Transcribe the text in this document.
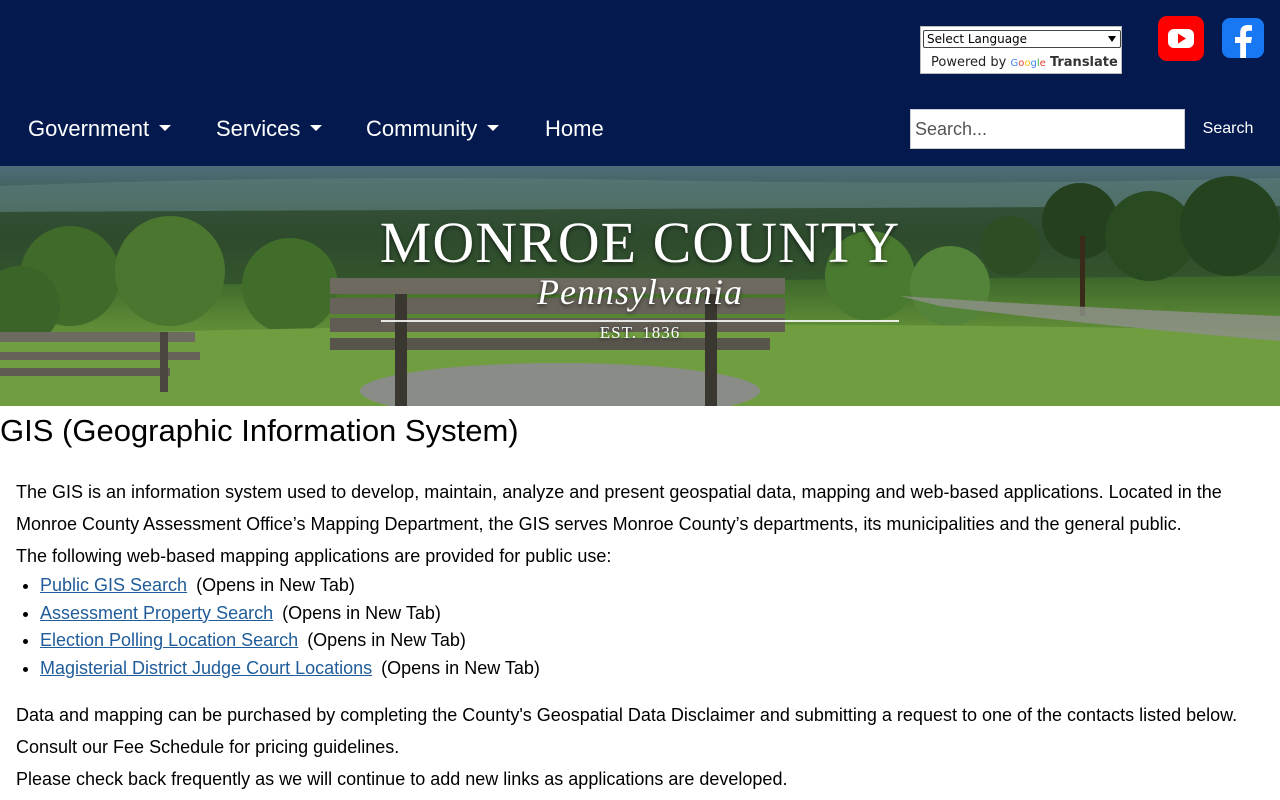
Select Language
Powered by Google Translate
Government	Services	Community	Home
Search...	Search
MONROE COUNTY
Pennsylvania
EST. 1836
GIS (Geographic Information System)

The GIS is an information system used to develop, maintain, analyze and present geospatial data, mapping and web-based applications. Located in the

Monroe County Assessment Office’s Mapping Department, the GIS serves Monroe County’s departments, its municipalities and the general public.

The following web-based mapping applications are provided for public use:

• Public GIS Search (Opens in New Tab)
• Assessment Property Search (Opens in New Tab)
• Election Polling Location Search (Opens in New Tab)
• Magisterial District Judge Court Locations (Opens in New Tab)

Data and mapping can be purchased by completing the County's Geospatial Data Disclaimer and submitting a request to one of the contacts listed below.

Consult our Fee Schedule for pricing guidelines.

Please check back frequently as we will continue to add new links as applications are developed.
